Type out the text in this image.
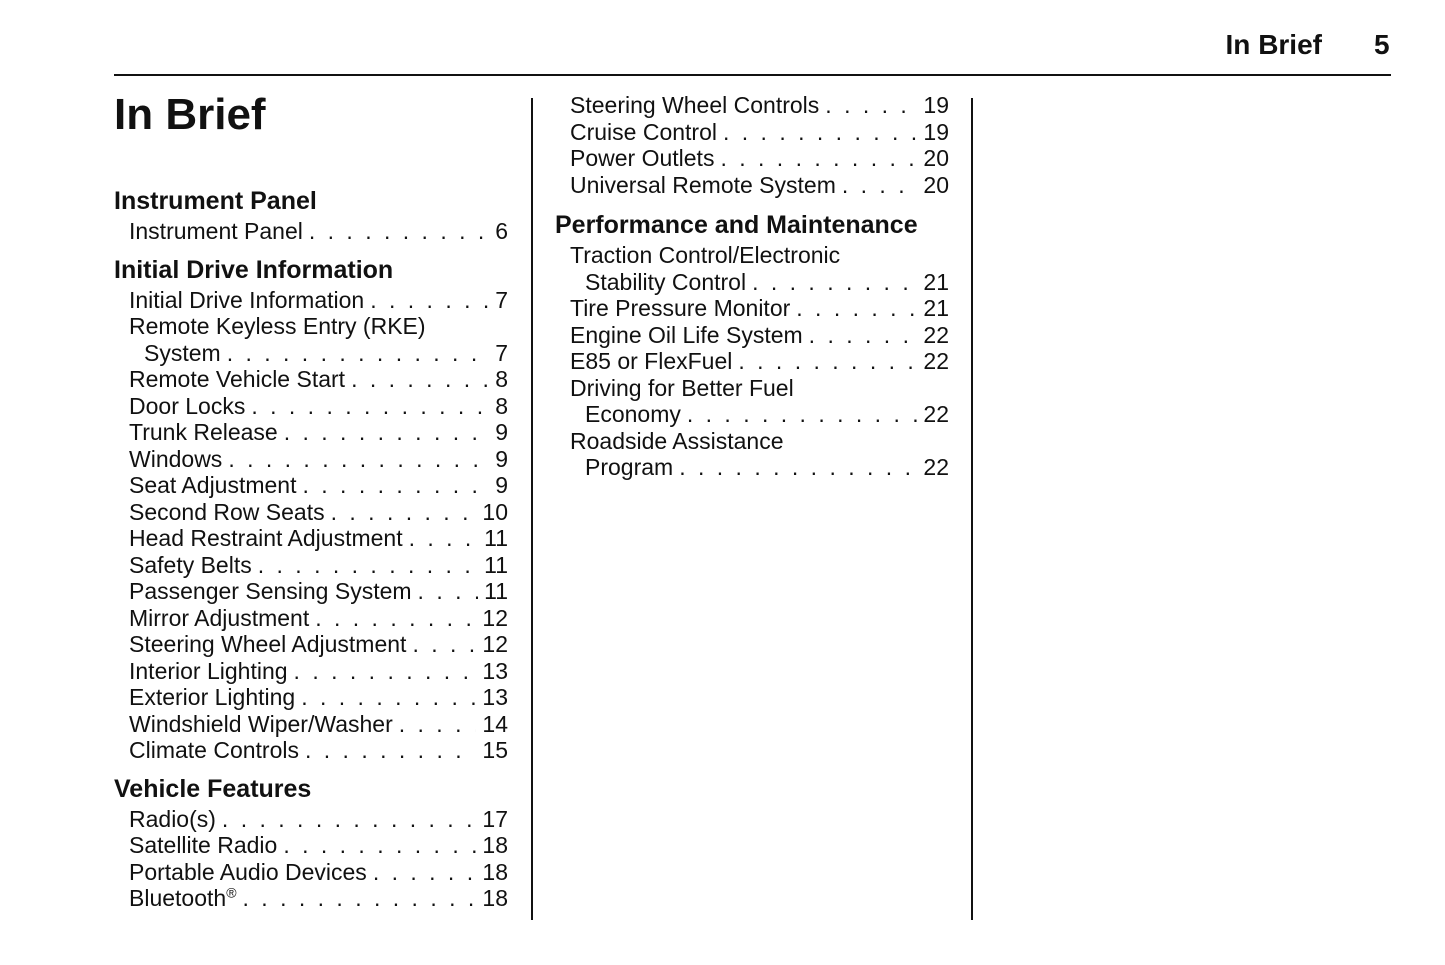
In Brief 5
In Brief
Instrument Panel
Instrument Panel . . .	6
Initial Drive Information
Initial Drive Information . . .	7
Remote Keyless Entry (RKE)
System . . .	7
Remote Vehicle Start . . .	8
Door Locks . . .	8
Trunk Release . . .	9
Windows . . .	9
Seat Adjustment . . .	9
Second Row Seats . . .	10
Head Restraint Adjustment . . .	11
Safety Belts . . .	11
Passenger Sensing System . . .	11
Mirror Adjustment . . .	12
Steering Wheel Adjustment . . .	12
Interior Lighting . . .	13
Exterior Lighting . . .	13
Windshield Wiper/Washer . . .	14
Climate Controls . . .	15
Vehicle Features
Radio(s) . . .	17
Satellite Radio . . .	18
Portable Audio Devices . . .	18
Bluetooth® . . .	18
Steering Wheel Controls . . .	19
Cruise Control . . .	19
Power Outlets . . .	20
Universal Remote System . . .	20
Performance and Maintenance
Traction Control/Electronic
Stability Control . . .	21
Tire Pressure Monitor . . .	21
Engine Oil Life System . . .	22
E85 or FlexFuel . . .	22
Driving for Better Fuel
Economy . . .	22
Roadside Assistance
Program . . .	22
